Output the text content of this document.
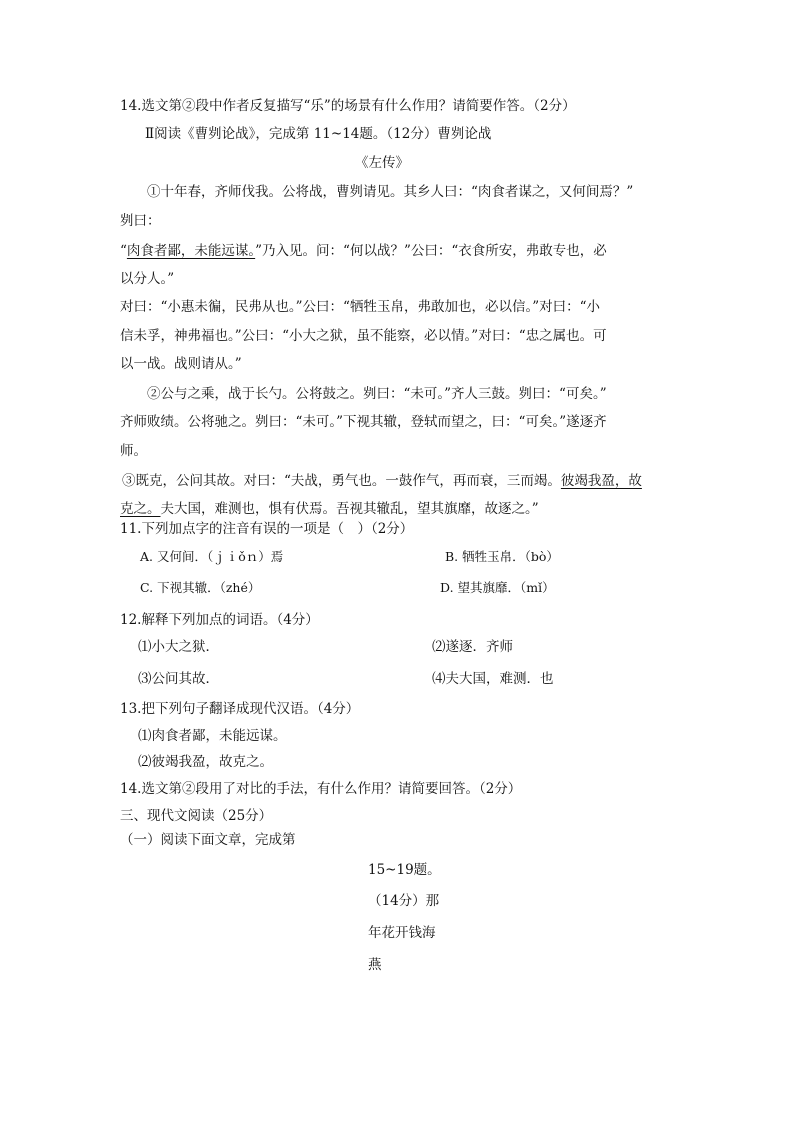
14.选文第②段中作者反复描写“乐”的场景有什么作用？请简要作答。（2分）
Ⅱ阅读《曹刿论战》，完成第 11~14题。（12分）曹刿论战
《左传》
①十年春，齐师伐我。公将战，曹刿请见。其乡人曰：“肉食者谋之，又何间焉？”
刿曰：
“肉食者鄙，未能远谋。”乃入见。问：“何以战？”公曰：“衣食所安，弗敢专也，必
以分人。”
对曰：“小惠未徧，民弗从也。”公曰：“牺牲玉帛，弗敢加也，必以信。”对曰：“小
信未孚，神弗福也。”公曰：“小大之狱，虽不能察，必以情。”对曰：“忠之属也。可
以一战。战则请从。”
②公与之乘，战于长勺。公将鼓之。刿曰：“未可。”齐人三鼓。刿曰：“可矣。”
齐师败绩。公将驰之。刿曰：“未可。”下视其辙，登轼而望之，曰：“可矣。”遂逐齐
师。
③既克，公问其故。对曰：“夫战，勇气也。一鼓作气，再而衰，三而竭。彼竭我盈，故
克之。夫大国，难测也，惧有伏焉。吾视其辙乱，望其旗靡，故逐之。”
11.下列加点字的注音有误的一项是（　）（2分）
A. 又何间．（ｊｉǒｎ）焉	B. 牺牲玉帛．（bò）
C. 下视其辙．（zhé）	D. 望其旗靡．（mǐ）
12.解释下列加点的词语。（4分）
⑴小大之狱．	⑵遂逐．齐师
⑶公问其故．	⑷夫大国，难测．也
13.把下列句子翻译成现代汉语。（4分）
⑴肉食者鄙，未能远谋。
⑵彼竭我盈，故克之。
14.选文第②段用了对比的手法，有什么作用？请简要回答。（2分）
三、现代文阅读（25分）
（一）阅读下面文章，完成第
15~19题。
（14分）那
年花开钱海
燕
